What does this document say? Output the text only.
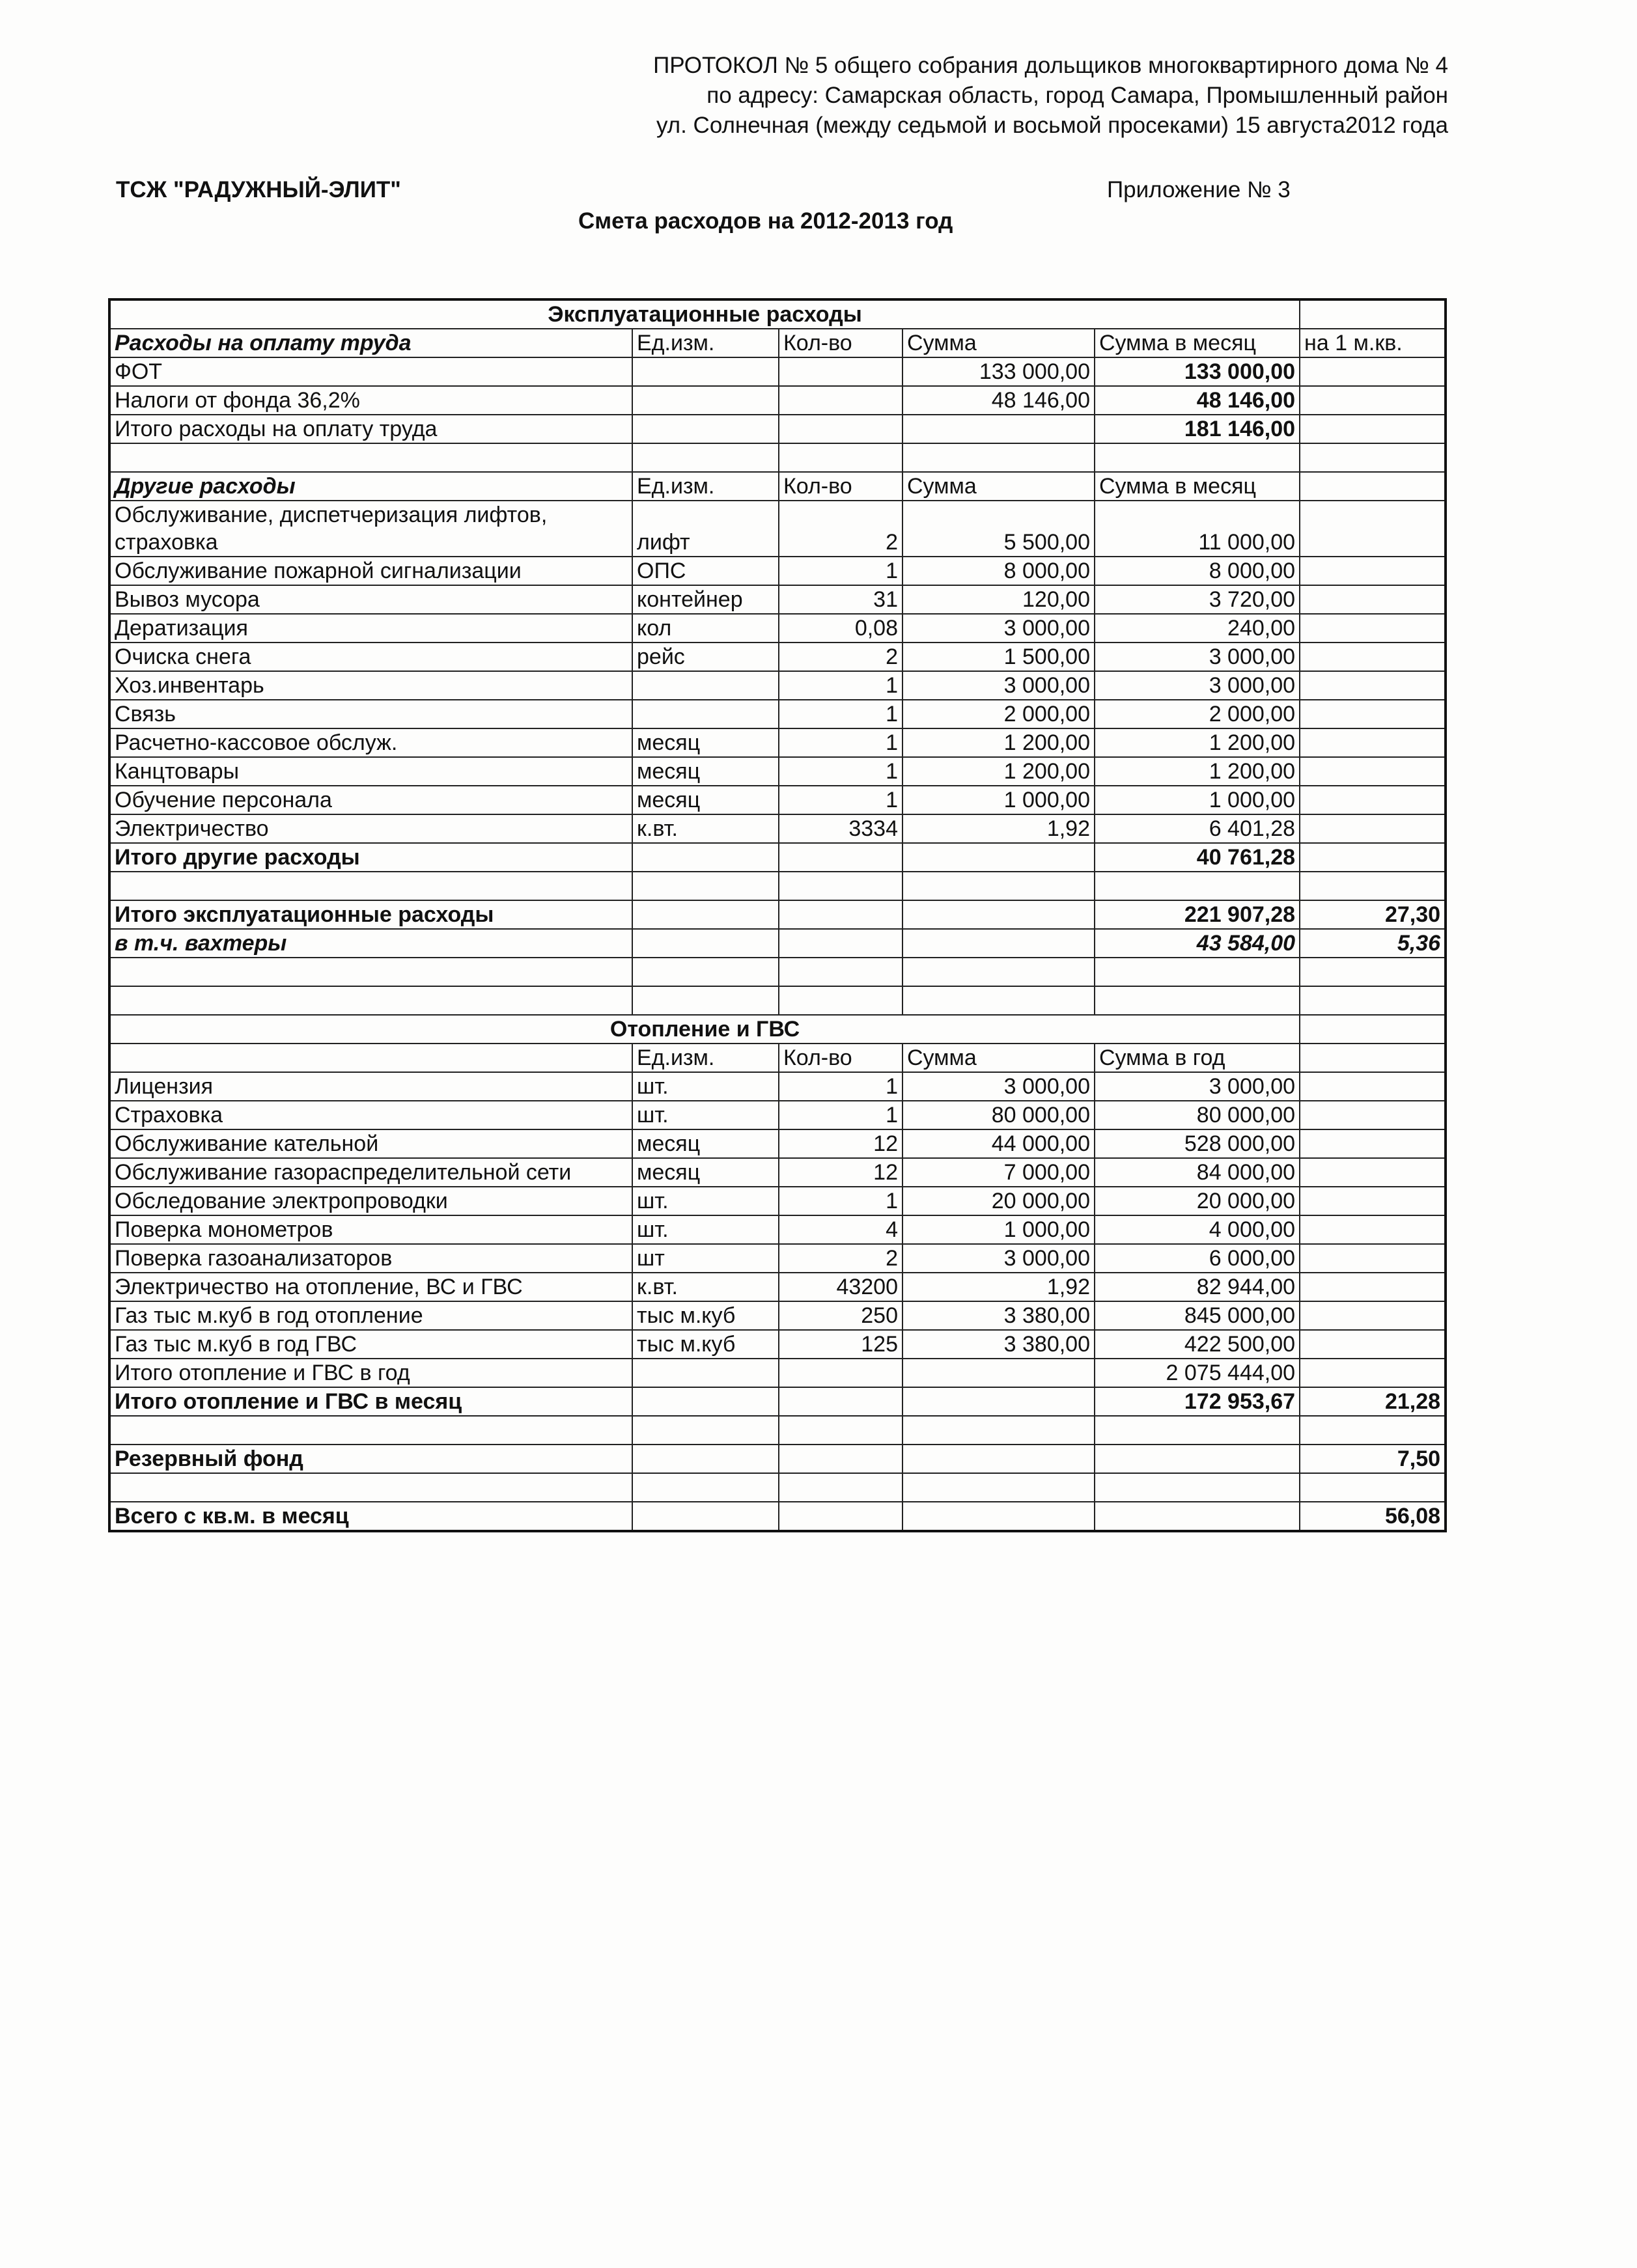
ПРОТОКОЛ № 5 общего собрания дольщиков многоквартирного дома № 4
по адресу: Самарская область, город Самара, Промышленный район
ул. Солнечная (между седьмой и восьмой просеками) 15 августа2012 года
ТСЖ "РАДУЖНЫЙ-ЭЛИТ"	Приложение № 3
Смета расходов на 2012-2013 год
Эксплуатационные расходы					
Расходы на оплату труда	Ед.изм.	Кол-во	Сумма	Сумма в месяц	на 1 м.кв.
ФОТ			133 000,00	133 000,00	
Налоги от фонда 36,2%			48 146,00	48 146,00	
Итого расходы на оплату труда				181 146,00	

Другие расходы	Ед.изм.	Кол-во	Сумма	Сумма в месяц	

Обслуживание, диспетчеризация лифтов, страховка	лифт	2	5 500,00	11 000,00	
Обслуживание пожарной сигнализации	ОПС	1	8 000,00	8 000,00	
Вывоз мусора	контейнер	31	120,00	3 720,00	
Дератизация	кол	0,08	3 000,00	240,00	
Очиска снега	рейс	2	1 500,00	3 000,00	
Хоз.инвентарь		1	3 000,00	3 000,00	
Связь		1	2 000,00	2 000,00	
Расчетно-кассовое обслуж.	месяц	1	1 200,00	1 200,00	
Канцтовары	месяц	1	1 200,00	1 200,00	
Обучение персонала	месяц	1	1 000,00	1 000,00	
Электричество	к.вт.	3334	1,92	6 401,28	
Итого другие расходы				40 761,28	

Итого эксплуатационные расходы				221 907,28	27,30
в т.ч. вахтеры				43 584,00	5,36

Отопление и ГВС					
	Ед.изм.	Кол-во	Сумма	Сумма в год	
Лицензия	шт.	1	3 000,00	3 000,00	
Страховка	шт.	1	80 000,00	80 000,00	
Обслуживание кательной	месяц	12	44 000,00	528 000,00	
Обслуживание газораспределительной сети	месяц	12	7 000,00	84 000,00	
Обследование электропроводки	шт.	1	20 000,00	20 000,00	
Поверка монометров	шт.	4	1 000,00	4 000,00	
Поверка газоанализаторов	шт	2	3 000,00	6 000,00	
Электричество на отопление, ВС и ГВС	к.вт.	43200	1,92	82 944,00	
Газ тыс м.куб в год отопление	тыс м.куб	250	3 380,00	845 000,00	
Газ тыс м.куб в год ГВС	тыс м.куб	125	3 380,00	422 500,00	
Итого отопление и ГВС в год				2 075 444,00	
Итого отопление и ГВС в месяц				172 953,67	21,28

Резервный фонд					7,50

Всего с кв.м. в месяц					56,08
